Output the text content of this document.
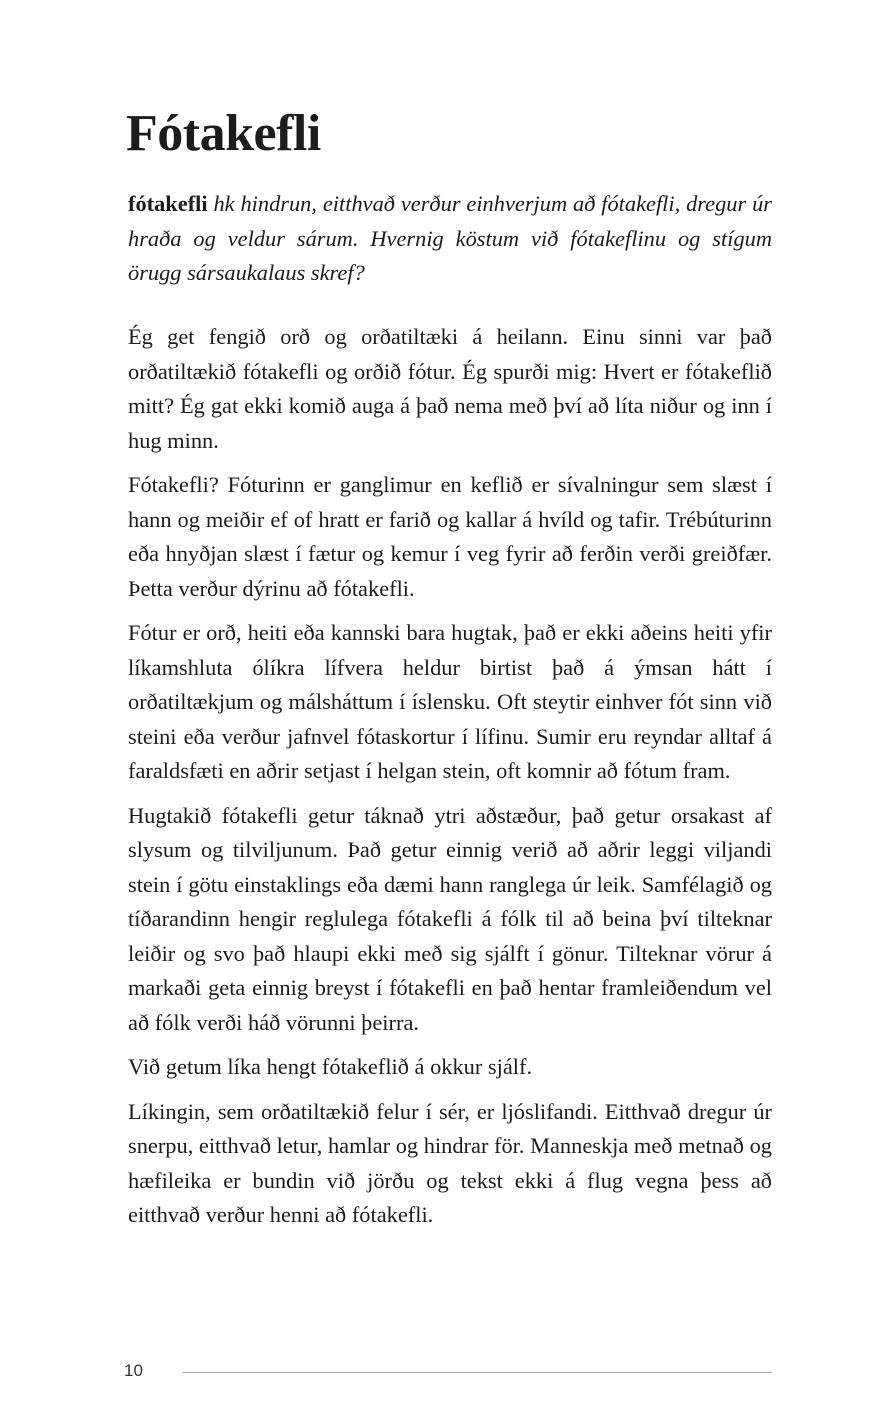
Fótakefli
fótakefli hk hindrun, eitthvað verður einhverjum að fótakefli, dregur úr hraða og veldur sárum. Hvernig köstum við fótakeflinu og stígum örugg sársaukalaus skref?

Ég get fengið orð og orðatiltæki á heilann. Einu sinni var það orðatiltækið fótakefli og orðið fótur. Ég spurði mig: Hvert er fótakeflið mitt? Ég gat ekki komið auga á það nema með því að líta niður og inn í hug minn.

Fótakefli? Fóturinn er ganglimur en keflið er sívalningur sem slæst í hann og meiðir ef of hratt er farið og kallar á hvíld og tafir. Trébúturinn eða hnyðjan slæst í fætur og kemur í veg fyrir að ferðin verði greiðfær. Þetta verður dýrinu að fótakefli.

Fótur er orð, heiti eða kannski bara hugtak, það er ekki aðeins heiti yfir líkamshluta ólíkra lífvera heldur birtist það á ýmsan hátt í orðatiltækjum og málsháttum í íslensku. Oft steytir einhver fót sinn við steini eða verður jafnvel fótaskortur í lífinu. Sumir eru reyndar alltaf á faraldsfæti en aðrir setjast í helgan stein, oft komnir að fótum fram.

Hugtakið fótakefli getur táknað ytri aðstæður, það getur orsakast af slysum og tilviljunum. Það getur einnig verið að aðrir leggi viljandi stein í götu einstaklings eða dæmi hann ranglega úr leik. Samfélagið og tíðarandinn hengir reglulega fótakefli á fólk til að beina því tilteknar leiðir og svo það hlaupi ekki með sig sjálft í gönur. Tilteknar vörur á markaði geta einnig breyst í fótakefli en það hentar framleiðendum vel að fólk verði háð vörunni þeirra.

Við getum líka hengt fótakeflið á okkur sjálf.

Líkingin, sem orðatiltækið felur í sér, er ljóslifandi. Eitthvað dregur úr snerpu, eitthvað letur, hamlar og hindrar för. Manneskja með metnað og hæfileika er bundin við jörðu og tekst ekki á flug vegna þess að eitthvað verður henni að fótakefli.

10
